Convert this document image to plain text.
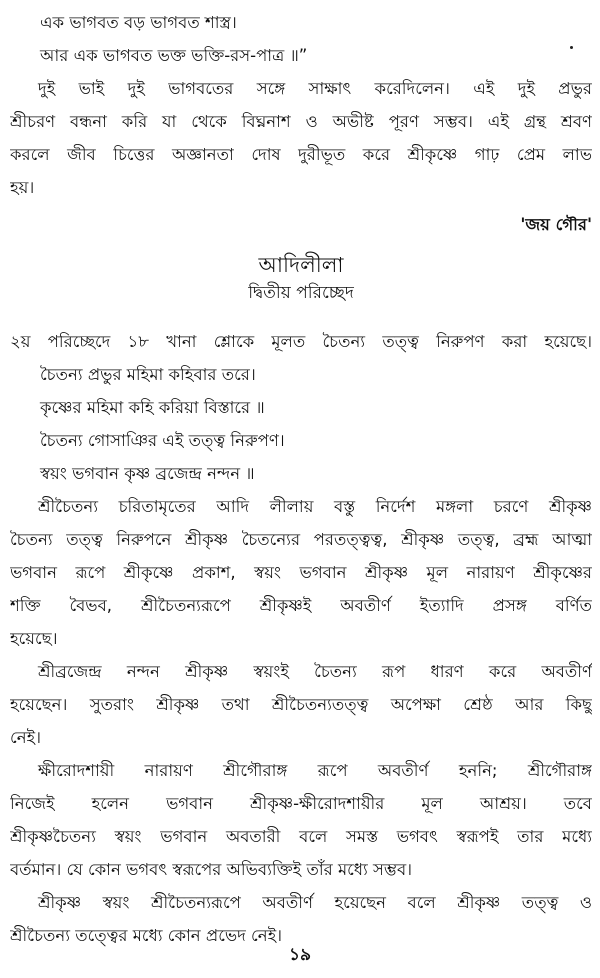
এক ভাগবত বড় ভাগবত শাস্ত্র।

আর এক ভাগবত ভক্ত ভক্তি-রস-পাত্র ॥”

দুই ভাই দুই ভাগবতের সঙ্গে সাক্ষাৎ করেদিলেন। এই দুই প্রভুর

শ্রীচরণ বন্ধনা করি যা থেকে বিঘ্ননাশ ও অভীষ্ট পূরণ সম্ভব। এই গ্রন্থ শ্রবণ

করলে জীব চিত্তের অজ্ঞানতা দোষ দুরীভূত করে শ্রীকৃষ্ণে গাঢ় প্রেম লাভ

হয়।

'জয় গৌর'
আদিলীলা
দ্বিতীয় পরিচ্ছেদ

২য় পরিচ্ছেদে ১৮ খানা শ্লোকে মূলত চৈতন্য তত্ত্ব নিরুপণ করা হয়েছে।

চৈতন্য প্রভুর মহিমা কহিবার তরে।

কৃষ্ণের মহিমা কহি করিয়া বিস্তারে ॥

চৈতন্য গোসাঞির এই তত্ত্ব নিরুপণ।

স্বয়ং ভগবান কৃষ্ণ ব্রজেন্দ্র নন্দন ॥

শ্রীচৈতন্য চরিতামৃতের আদি লীলায় বস্তু নির্দেশ মঙ্গলা চরণে শ্রীকৃষ্ণ

চৈতন্য তত্ত্ব নিরুপনে শ্রীকৃষ্ণ চৈতন্যের পরতত্ত্বত্ব, শ্রীকৃষ্ণ তত্ত্ব, ব্রহ্ম আত্মা

ভগবান রূপে শ্রীকৃষ্ণে প্রকাশ, স্বয়ং ভগবান শ্রীকৃষ্ণ মূল নারায়ণ শ্রীকৃষ্ণের

শক্তি বৈভব, শ্রীচৈতন্যরূপে শ্রীকৃষ্ণই অবতীর্ণ ইত্যাদি প্রসঙ্গ বর্ণিত

হয়েছে।

শ্রীব্রজেন্দ্র নন্দন শ্রীকৃষ্ণ স্বয়ংই চৈতন্য রূপ ধারণ করে অবতীর্ণ

হয়েছেন। সুতরাং শ্রীকৃষ্ণ তথা শ্রীচৈতন্যতত্ত্ব অপেক্ষা শ্রেষ্ঠ আর কিছু

নেই।

ক্ষীরোদশায়ী নারায়ণ শ্রীগৌরাঙ্গ রূপে অবতীর্ণ হননি; শ্রীগৌরাঙ্গ

নিজেই হলেন ভগবান শ্রীকৃষ্ণ-ক্ষীরোদশায়ীর মূল আশ্রয়। তবে

শ্রীকৃষ্ণচৈতন্য স্বয়ং ভগবান অবতারী বলে সমস্ত ভগবৎ স্বরূপই তার মধ্যে

বর্তমান। যে কোন ভগবৎ স্বরূপের অভিব্যক্তিই তাঁর মধ্যে সম্ভব।

শ্রীকৃষ্ণ স্বয়ং শ্রীচৈতন্যরূপে অবতীর্ণ হয়েছেন বলে শ্রীকৃষ্ণ তত্ত্ব ও

শ্রীচৈতন্য তত্ত্বের মধ্যে কোন প্রভেদ নেই।

১৯
